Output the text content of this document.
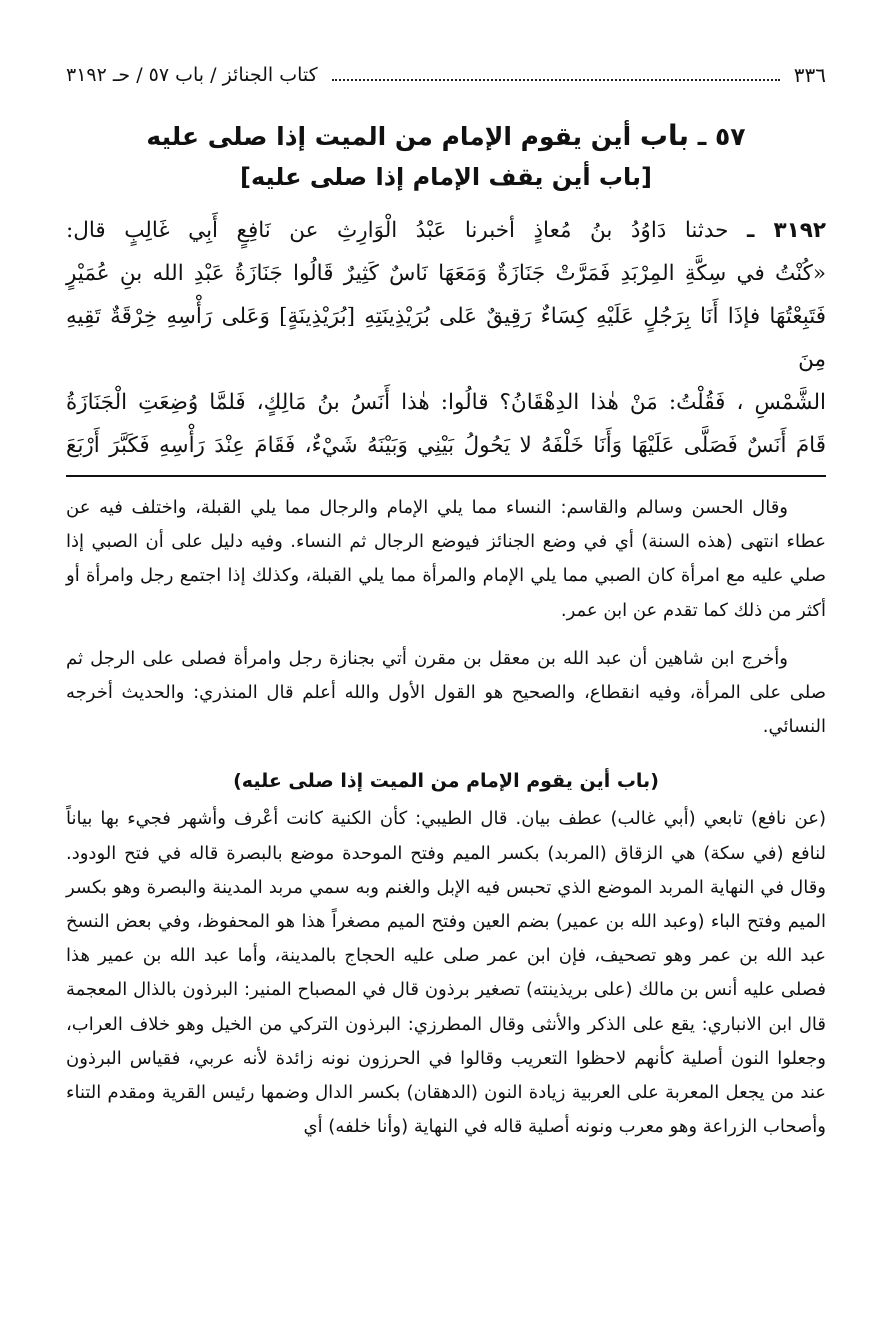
٣٣٦
كتاب الجنائز / باب ٥٧ / حـ ٣١٩٢
٥٧ ـ باب أين يقوم الإمام من الميت إذا صلى عليه
[باب أين يقف الإمام إذا صلى عليه]

٣١٩٢ ـ حدثنا دَاوُدُ بنُ مُعاذٍ أخبرنا عَبْدُ الْوَارِثِ عن نَافِعٍ أَبِي غَالِبٍ قال:

«كُنْتُ في سِكَّةِ المِرْبَدِ فَمَرَّتْ جَنَازَةٌ وَمَعَهَا نَاسٌ كَثِيرٌ قَالُوا جَنَازَةُ عَبْدِ الله بنِ عُمَيْرٍ

فَتَبِعْتُهَا فإذَا أَنَا بِرَجُلٍ عَلَيْهِ كِسَاءٌ رَقِيقٌ عَلى بُرَيْذِينَتِهِ [بُرَيْذِينَةٍ] وَعَلى رَأْسِهِ خِرْقَةٌ تَقِيهِ مِنَ

الشَّمْسِ ، فَقُلْتُ: مَنْ هٰذا الدِهْقَانُ؟ قالُوا: هٰذا أَنَسُ بنُ مَالِكٍ، فَلمَّا وُضِعَتِ الْجَنَازَةُ

قَامَ أَنَسٌ فَصَلَّى عَلَيْهَا وَأَنَا خَلْفَهُ لا يَحُولُ بَيْنِي وَبَيْنَهُ شَيْءٌ، فَقَامَ عِنْدَ رَأْسِهِ فَكَبَّرَ أَرْبَعَ

وقال الحسن وسالم والقاسم: النساء مما يلي الإمام والرجال مما يلي القبلة، واختلف فيه عن عطاء انتهى (هذه السنة) أي في وضع الجنائز فيوضع الرجال ثم النساء. وفيه دليل على أن الصبي إذا صلي عليه مع امرأة كان الصبي مما يلي الإمام والمرأة مما يلي القبلة، وكذلك إذا اجتمع رجل وامرأة أو أكثر من ذلك كما تقدم عن ابن عمر.

وأخرج ابن شاهين أن عبد الله بن معقل بن مقرن أتي بجنازة رجل وامرأة فصلى على الرجل ثم صلى على المرأة، وفيه انقطاع، والصحيح هو القول الأول والله أعلم قال المنذري: والحديث أخرجه النسائي.

(باب أين يقوم الإمام من الميت إذا صلى عليه)

(عن نافع) تابعي (أبي غالب) عطف بيان. قال الطيبي: كأن الكنية كانت أعْرف وأشهر فجيء بها بياناً لنافع (في سكة) هي الزقاق (المربد) بكسر الميم وفتح الموحدة موضع بالبصرة قاله في فتح الودود. وقال في النهاية المربد الموضع الذي تحبس فيه الإبل والغنم وبه سمي مربد المدينة والبصرة وهو بكسر الميم وفتح الباء (وعبد الله بن عمير) بضم العين وفتح الميم مصغراً هذا هو المحفوظ، وفي بعض النسخ عبد الله بن عمر وهو تصحيف، فإن ابن عمر صلى عليه الحجاج بالمدينة، وأما عبد الله بن عمير هذا فصلى عليه أنس بن مالك (على بريذينته) تصغير برذون قال في المصباح المنير: البرذون بالذال المعجمة قال ابن الانباري: يقع على الذكر والأنثى وقال المطرزي: البرذون التركي من الخيل وهو خلاف العراب، وجعلوا النون أصلية كأنهم لاحظوا التعريب وقالوا في الحرزون نونه زائدة لأنه عربي، فقياس البرذون عند من يجعل المعربة على العربية زيادة النون (الدهقان) بكسر الدال وضمها رئيس القرية ومقدم التناء وأصحاب الزراعة وهو معرب ونونه أصلية قاله في النهاية (وأنا خلفه) أي
